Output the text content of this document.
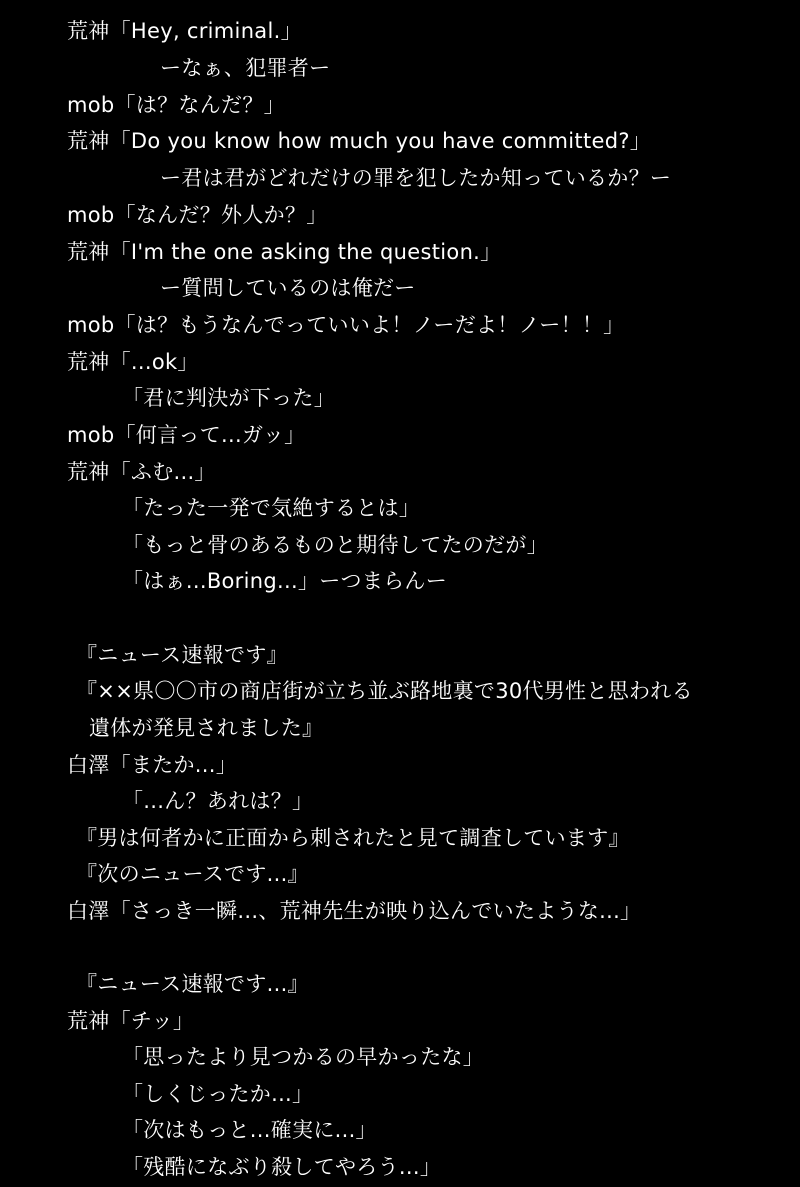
荒神「Hey, criminal.」
ーなぁ、犯罪者ー
mob「は？なんだ？」
荒神「Do you know how much you have committed?」
ー君は君がどれだけの罪を犯したか知っているか？ー
mob「なんだ？外人か？」
荒神「I'm the one asking the question.」
ー質問しているのは俺だー
mob「は？もうなんでっていいよ！ノーだよ！ノー！！」
荒神「...ok」
「君に判決が下った」
mob「何言って...ガッ」
荒神「ふむ...」
「たった一発で気絶するとは」
「もっと骨のあるものと期待してたのだが」
「はぁ...Boring...」ーつまらんー
『ニュース速報です』
『××県〇〇市の商店街が立ち並ぶ路地裏で30代男性と思われる
遺体が発見されました』
白澤「またか...」
「...ん？あれは？」
『男は何者かに正面から刺されたと見て調査しています』
『次のニュースです...』
白澤「さっき一瞬...、荒神先生が映り込んでいたような...」
『ニュース速報です...』
荒神「チッ」
「思ったより見つかるの早かったな」
「しくじったか...」
「次はもっと...確実に...」
「残酷になぶり殺してやろう...」
